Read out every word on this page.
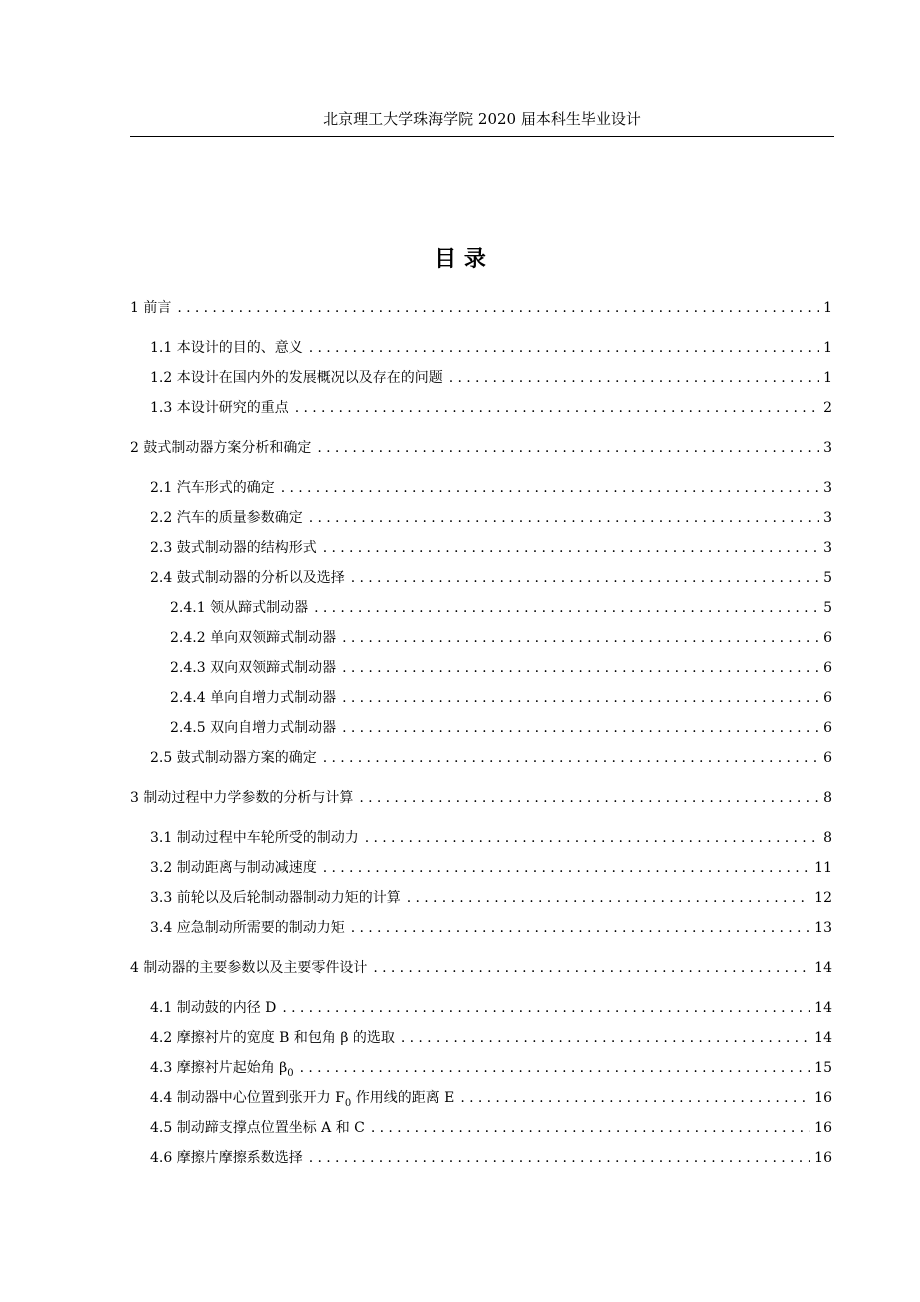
北京理工大学珠海学院 2020 届本科生毕业设计
目 录
1 前言 .....	1
1.1 本设计的目的、意义 .....	1
1.2 本设计在国内外的发展概况以及存在的问题 .....	1
1.3 本设计研究的重点 .....	2
2 鼓式制动器方案分析和确定 .....	3
2.1 汽车形式的确定 .....	3
2.2 汽车的质量参数确定 .....	3
2.3 鼓式制动器的结构形式 .....	3
2.4 鼓式制动器的分析以及选择 .....	5
2.4.1 领从蹄式制动器 .....	5
2.4.2 单向双领蹄式制动器 .....	6
2.4.3 双向双领蹄式制动器 .....	6
2.4.4 单向自增力式制动器 .....	6
2.4.5 双向自增力式制动器 .....	6
2.5 鼓式制动器方案的确定 .....	6
3 制动过程中力学参数的分析与计算 .....	8
3.1 制动过程中车轮所受的制动力 .....	8
3.2 制动距离与制动减速度 .....	11
3.3 前轮以及后轮制动器制动力矩的计算 .....	12
3.4 应急制动所需要的制动力矩 .....	13
4 制动器的主要参数以及主要零件设计 .....	14
4.1 制动鼓的内径 D .....	14
4.2 摩擦衬片的宽度 B 和包角 β 的选取 .....	14
4.3 摩擦衬片起始角 $\beta_0$ .....	15
4.4 制动器中心位置到张开力 $F_0$ 作用线的距离 E .....	16
4.5 制动蹄支撑点位置坐标 A 和 C .....	16
4.6 摩擦片摩擦系数选择 .....	16
